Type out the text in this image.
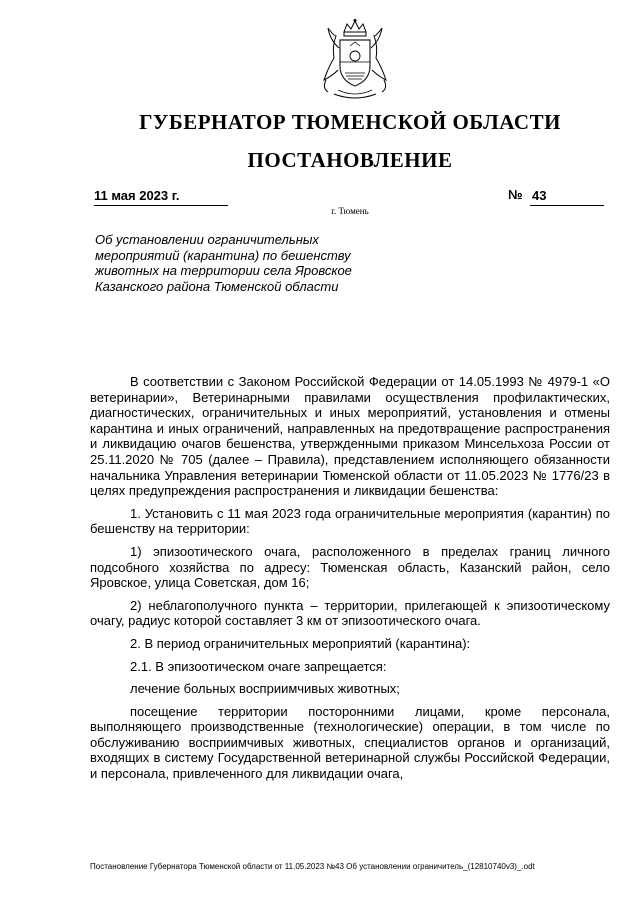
ГУБЕРНАТОР ТЮМЕНСКОЙ ОБЛАСТИ
ПОСТАНОВЛЕНИЕ
11 мая 2023 г.	№ 43
г. Тюмень
Об установлении ограничительных мероприятий (карантина) по бешенству животных на территории села Яровское Казанского района Тюменской области

В соответствии с Законом Российской Федерации от 14.05.1993 № 4979-1 «О ветеринарии», Ветеринарными правилами осуществления профилактических, диагностических, ограничительных и иных мероприятий, установления и отмены карантина и иных ограничений, направленных на предотвращение распространения и ликвидацию очагов бешенства, утвержденными приказом Минсельхоза России от 25.11.2020 № 705 (далее – Правила), представлением исполняющего обязанности начальника Управления ветеринарии Тюменской области от 11.05.2023 № 1776/23 в целях предупреждения распространения и ликвидации бешенства:

1. Установить с 11 мая 2023 года ограничительные мероприятия (карантин) по бешенству на территории:

1) эпизоотического очага, расположенного в пределах границ личного подсобного хозяйства по адресу: Тюменская область, Казанский район, село Яровское, улица Советская, дом 16;

2) неблагополучного пункта – территории, прилегающей к эпизоотическому очагу, радиус которой составляет 3 км от эпизоотического очага.

2. В период ограничительных мероприятий (карантина):

2.1. В эпизоотическом очаге запрещается:

лечение больных восприимчивых животных;

посещение территории посторонними лицами, кроме персонала, выполняющего производственные (технологические) операции, в том числе по обслуживанию восприимчивых животных, специалистов органов и организаций, входящих в систему Государственной ветеринарной службы Российской Федерации, и персонала, привлеченного для ликвидации очага,

Постановление Губернатора Тюменской области от 11.05.2023 №43 Об установлении ограничитель_(12810740v3)_.odt
